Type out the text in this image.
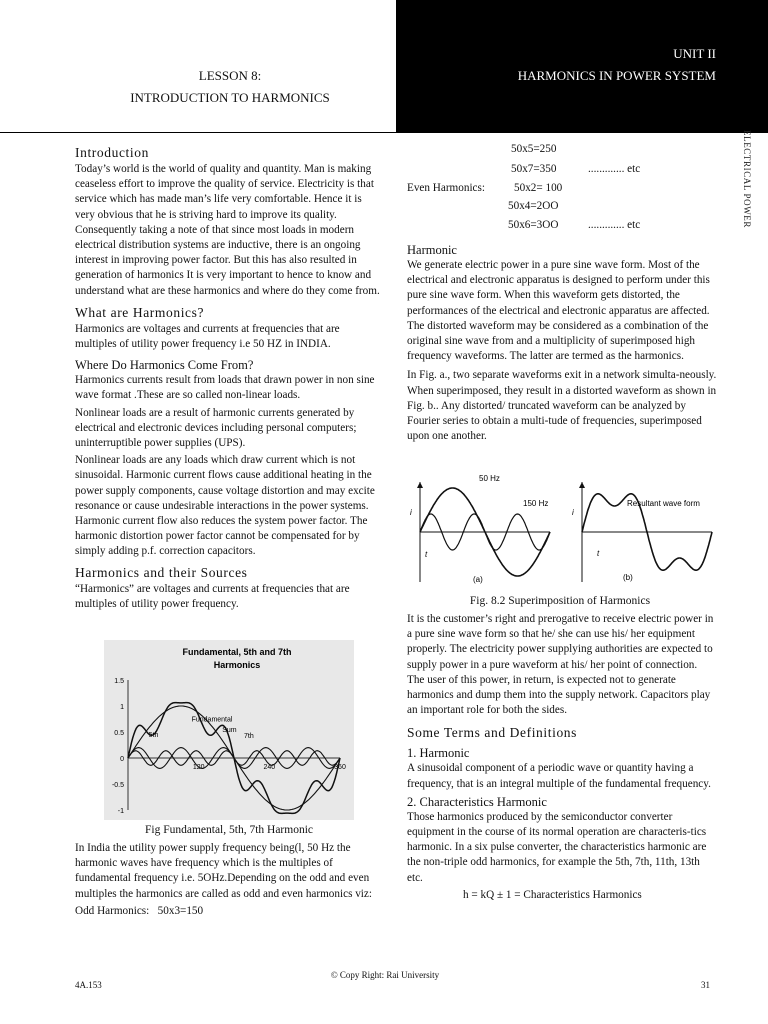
UNIT II
HARMONICS IN POWER SYSTEM
LESSON 8:
INTRODUCTION TO HARMONICS
ELECTRICAL POWER
Introduction

Today’s world is the world of quality and quantity. Man is making ceaseless effort to improve the quality of service. Electricity is that service which has made man’s life very comfortable. Hence it is very obvious that he is striving hard to improve its quality. Consequently taking a note of that since most loads in modern electrical distribution systems are inductive, there is an ongoing interest in improving power factor. But this has also resulted in generation of harmonics It is very important to hence to know and understand what are these harmonics and where do they come from.

What are Harmonics?

Harmonics are voltages and currents at frequencies that are multiples of utility power frequency i.e 50 HZ in INDIA.

Where Do Harmonics Come From?

Harmonics currents result from loads that drawn power in non sine wave format .These are so called non-linear loads.

Nonlinear loads are a result of harmonic currents generated by electrical and electronic devices including personal computers; uninterruptible power supplies (UPS).

Nonlinear loads are any loads which draw current which is not sinusoidal. Harmonic current flows cause additional heating in the power supply components, cause voltage distortion and may excite resonance or cause undesirable interactions in the power systems. Harmonic current flow also reduces the system power factor. The harmonic distortion power factor cannot be compensated for by simply adding p.f. correction capacitors.

Harmonics and their Sources

“Harmonics” are voltages and currents at frequencies that are multiples of utility power frequency.

Fundamental, 5th and 7th
Harmonics
1.5
1
0.5
0
-0.5
-1
120	240	360
Fundamental
5th
Sum
7th
Fig Fundamental, 5th, 7th Harmonic

In India the utility power supply frequency being(l, 50 Hz the harmonic waves have frequency which is the multiples of fundamental frequency i.e. 5OHz.Depending on the odd and even multiples the harmonics are called as odd and even harmonics viz:

Odd Harmonics: 50x3=150
50x5=250
50x7=350	............. etc
Even Harmonics:	50x2= 100
50x4=2OO
50x6=3OO	............. etc
Harmonic

We generate electric power in a pure sine wave form. Most of the electrical and electronic apparatus is designed to perform under this pure sine wave form. When this waveform gets distorted, the performances of the electrical and electronic apparatus are affected. The distorted waveform may be considered as a combination of the original sine wave from and a multiplicity of superimposed high frequency waveforms. The latter are termed as the harmonics.

In Fig. a., two separate waveforms exit in a network simulta-neously. When superimposed, they result in a distorted waveform as shown in Fig. b.. Any distorted/ truncated waveform can be analyzed by Fourier series to obtain a multi-tude of frequencies, superimposed upon one another.

50 Hz
150 Hz	Resultant wave form
(a)	(b)
t	t
i	i
Fig. 8.2 Superimposition of Harmonics

It is the customer’s right and prerogative to receive electric power in a pure sine wave form so that he/ she can use his/ her equipment properly. The electricity power supplying authorities are expected to supply power in a pure waveform at his/ her point of connection. The user of this power, in return, is expected not to generate harmonics and dump them into the supply network. Capacitors play an important role for both the sides.

Some Terms and Definitions
1. Harmonic

A sinusoidal component of a periodic wave or quantity having a frequency, that is an integral multiple of the fundamental frequency.

2. Characteristics Harmonic

Those harmonics produced by the semiconductor converter equipment in the course of its normal operation are characteris-tics harmonic. In a six pulse converter, the characteristics harmonic are the non-triple odd harmonics, for example the 5th, 7th, 11th, 13th etc.

h = kQ ± 1 = Characteristics Harmonics
4A.153
© Copy Right: Rai University
31
